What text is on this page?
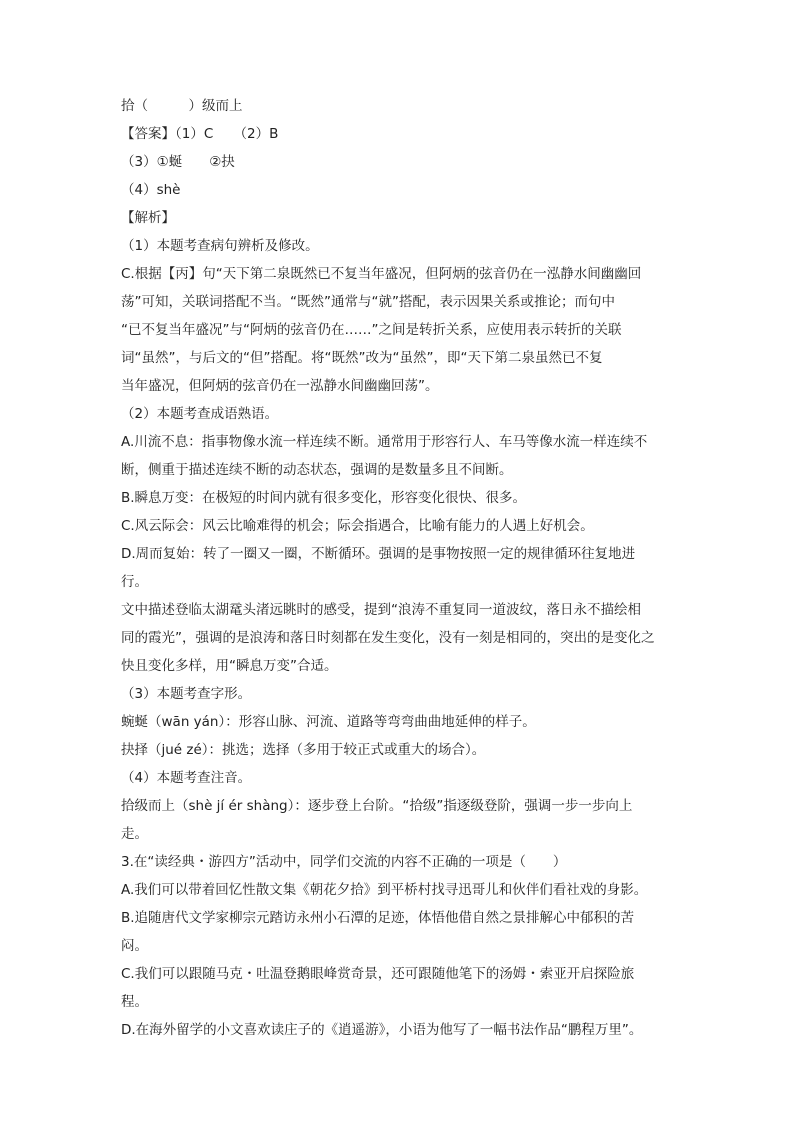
拾（　　　）级而上
【答案】（1）C　　（2）B
（3）①蜒　　②抉
（4）shè
【解析】
（1）本题考查病句辨析及修改。
C.根据【丙】句“天下第二泉既然已不复当年盛况，但阿炳的弦音仍在一泓静水间幽幽回
荡”可知，关联词搭配不当。“既然”通常与“就”搭配，表示因果关系或推论；而句中
“已不复当年盛况”与“阿炳的弦音仍在……”之间是转折关系，应使用表示转折的关联
词“虽然”，与后文的“但”搭配。将“既然”改为“虽然”，即“天下第二泉虽然已不复
当年盛况，但阿炳的弦音仍在一泓静水间幽幽回荡”。
（2）本题考查成语熟语。
A.川流不息：指事物像水流一样连续不断。通常用于形容行人、车马等像水流一样连续不
断，侧重于描述连续不断的动态状态，强调的是数量多且不间断。
B.瞬息万变：在极短的时间内就有很多变化，形容变化很快、很多。
C.风云际会：风云比喻难得的机会；际会指遇合，比喻有能力的人遇上好机会。
D.周而复始：转了一圈又一圈，不断循环。强调的是事物按照一定的规律循环往复地进
行。
文中描述登临太湖鼋头渚远眺时的感受，提到“浪涛不重复同一道波纹，落日永不描绘相
同的霞光”，强调的是浪涛和落日时刻都在发生变化，没有一刻是相同的，突出的是变化之
快且变化多样，用“瞬息万变”合适。
（3）本题考查字形。
蜿蜒（wān yán）：形容山脉、河流、道路等弯弯曲曲地延伸的样子。
抉择（jué zé）：挑选；选择（多用于较正式或重大的场合）。
（4）本题考查注音。
拾级而上（shè jí ér shàng）：逐步登上台阶。“拾级”指逐级登阶，强调一步一步向上
走。
3.在“读经典・游四方”活动中，同学们交流的内容不正确的一项是（　　）
A.我们可以带着回忆性散文集《朝花夕拾》到平桥村找寻迅哥儿和伙伴们看社戏的身影。
B.追随唐代文学家柳宗元踏访永州小石潭的足迹，体悟他借自然之景排解心中郁积的苦
闷。
C.我们可以跟随马克・吐温登鹅眼峰赏奇景，还可跟随他笔下的汤姆・索亚开启探险旅
程。
D.在海外留学的小文喜欢读庄子的《逍遥游》，小语为他写了一幅书法作品“鹏程万里”。
